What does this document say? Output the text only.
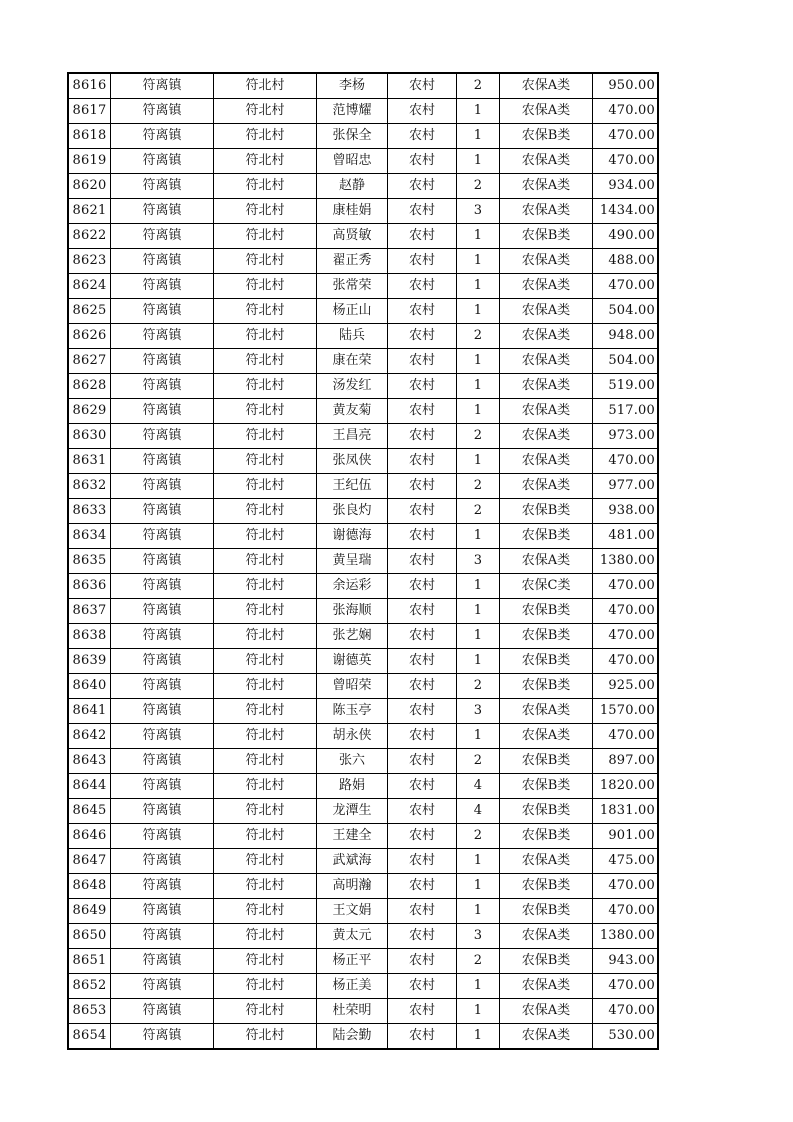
8616	符离镇	符北村	李杨	农村	2	农保A类	950.00
8617	符离镇	符北村	范博耀	农村	1	农保A类	470.00
8618	符离镇	符北村	张保全	农村	1	农保B类	470.00
8619	符离镇	符北村	曾昭忠	农村	1	农保A类	470.00
8620	符离镇	符北村	赵静	农村	2	农保A类	934.00
8621	符离镇	符北村	康桂娟	农村	3	农保A类	1434.00
8622	符离镇	符北村	高贤敏	农村	1	农保B类	490.00
8623	符离镇	符北村	翟正秀	农村	1	农保A类	488.00
8624	符离镇	符北村	张常荣	农村	1	农保A类	470.00
8625	符离镇	符北村	杨正山	农村	1	农保A类	504.00
8626	符离镇	符北村	陆兵	农村	2	农保A类	948.00
8627	符离镇	符北村	康在荣	农村	1	农保A类	504.00
8628	符离镇	符北村	汤发红	农村	1	农保A类	519.00
8629	符离镇	符北村	黄友菊	农村	1	农保A类	517.00
8630	符离镇	符北村	王昌亮	农村	2	农保A类	973.00
8631	符离镇	符北村	张凤侠	农村	1	农保A类	470.00
8632	符离镇	符北村	王纪伍	农村	2	农保A类	977.00
8633	符离镇	符北村	张良灼	农村	2	农保B类	938.00
8634	符离镇	符北村	谢德海	农村	1	农保B类	481.00
8635	符离镇	符北村	黄呈瑞	农村	3	农保A类	1380.00
8636	符离镇	符北村	余运彩	农村	1	农保C类	470.00
8637	符离镇	符北村	张海顺	农村	1	农保B类	470.00
8638	符离镇	符北村	张艺娴	农村	1	农保B类	470.00
8639	符离镇	符北村	谢德英	农村	1	农保B类	470.00
8640	符离镇	符北村	曾昭荣	农村	2	农保B类	925.00
8641	符离镇	符北村	陈玉亭	农村	3	农保A类	1570.00
8642	符离镇	符北村	胡永侠	农村	1	农保A类	470.00
8643	符离镇	符北村	张六	农村	2	农保B类	897.00
8644	符离镇	符北村	路娟	农村	4	农保B类	1820.00
8645	符离镇	符北村	龙潭生	农村	4	农保B类	1831.00
8646	符离镇	符北村	王建全	农村	2	农保B类	901.00
8647	符离镇	符北村	武斌海	农村	1	农保A类	475.00
8648	符离镇	符北村	高明瀚	农村	1	农保B类	470.00
8649	符离镇	符北村	王文娟	农村	1	农保B类	470.00
8650	符离镇	符北村	黄太元	农村	3	农保A类	1380.00
8651	符离镇	符北村	杨正平	农村	2	农保B类	943.00
8652	符离镇	符北村	杨正美	农村	1	农保A类	470.00
8653	符离镇	符北村	杜荣明	农村	1	农保A类	470.00
8654	符离镇	符北村	陆会勤	农村	1	农保A类	530.00
